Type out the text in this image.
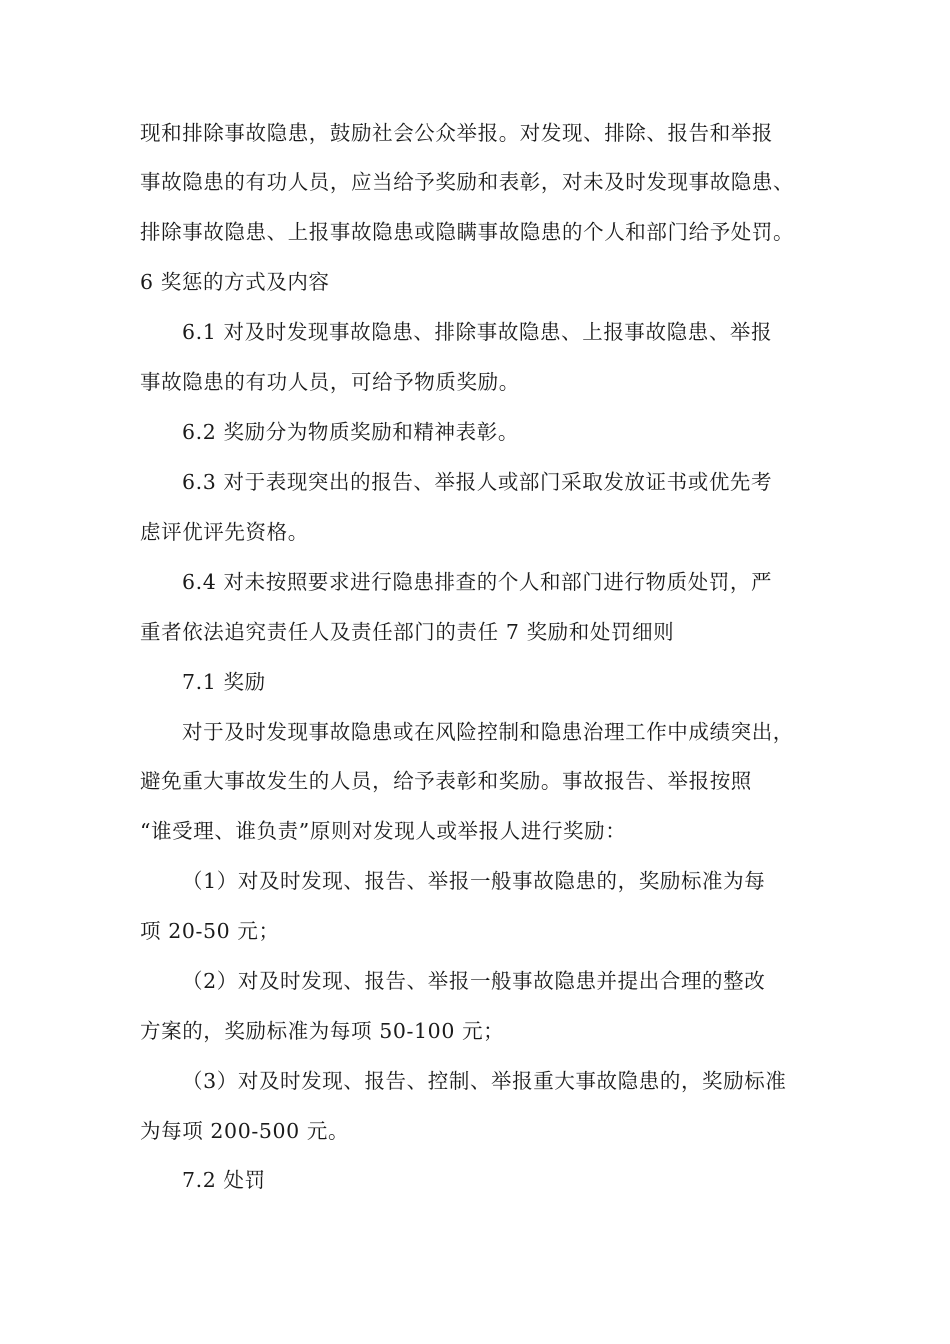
现和排除事故隐患，鼓励社会公众举报。对发现、排除、报告和举报
事故隐患的有功人员，应当给予奖励和表彰，对未及时发现事故隐患、
排除事故隐患、上报事故隐患或隐瞒事故隐患的个人和部门给予处罚。
6 奖惩的方式及内容
6.1 对及时发现事故隐患、排除事故隐患、上报事故隐患、举报
事故隐患的有功人员，可给予物质奖励。
6.2 奖励分为物质奖励和精神表彰。
6.3 对于表现突出的报告、举报人或部门采取发放证书或优先考
虑评优评先资格。
6.4 对未按照要求进行隐患排查的个人和部门进行物质处罚，严
重者依法追究责任人及责任部门的责任 7 奖励和处罚细则
7.1 奖励
对于及时发现事故隐患或在风险控制和隐患治理工作中成绩突出，
避免重大事故发生的人员，给予表彰和奖励。事故报告、举报按照
“谁受理、谁负责”原则对发现人或举报人进行奖励：
（1）对及时发现、报告、举报一般事故隐患的，奖励标准为每
项 20-50 元；
（2）对及时发现、报告、举报一般事故隐患并提出合理的整改
方案的，奖励标准为每项 50-100 元；
（3）对及时发现、报告、控制、举报重大事故隐患的，奖励标准
为每项 200-500 元。
7.2 处罚
